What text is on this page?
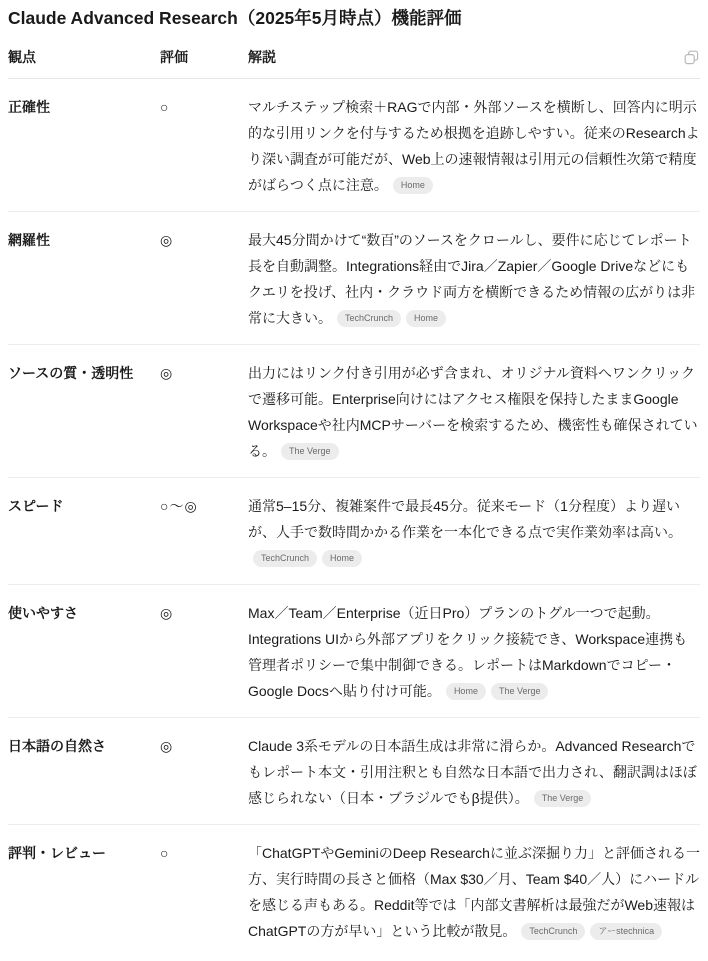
Claude Advanced Research（2025年5月時点）機能評価
観点	評価	解説
正確性	○	マルチステップ検索＋RAGで内部・外部ソースを横断し、回答内に明示的な引用リンクを付与するため根拠を追跡しやすい。従来のResearchより深い調査が可能だが、Web上の速報情報は引用元の信頼性次第で精度がばらつく点に注意。 Home
網羅性	◎	最大45分間かけて“数百”のソースをクロールし、要件に応じてレポート長を自動調整。Integrations経由でJira／Zapier／Google Driveなどにもクエリを投げ、社内・クラウド両方を横断できるため情報の広がりは非常に大きい。 TechCrunch Home
ソースの質・透明性	◎	出力にはリンク付き引用が必ず含まれ、オリジナル資料へワンクリックで遷移可能。Enterprise向けにはアクセス権限を保持したままGoogle Workspaceや社内MCPサーバーを検索するため、機密性も確保されている。 The Verge
スピード	○〜◎	通常5–15分、複雑案件で最長45分。従来モード（1分程度）より遅いが、人手で数時間かかる作業を一本化できる点で実作業効率は高い。TechCrunch Home
使いやすさ	◎	Max／Team／Enterprise（近日Pro）プランのトグル一つで起動。Integrations UIから外部アプリをクリック接続でき、Workspace連携も管理者ポリシーで集中制御できる。レポートはMarkdownでコピー・Google Docsへ貼り付け可能。 Home The Verge
日本語の自然さ	◎	Claude 3系モデルの日本語生成は非常に滑らか。Advanced Researchでもレポート本文・引用注釈とも自然な日本語で出力され、翻訳調はほぼ感じられない（日本・ブラジルでもβ提供）。 The Verge
評判・レビュー	○	「ChatGPTやGeminiのDeep Researchに並ぶ深掘り力」と評価される一方、実行時間の長さと価格（Max $30／月、Team $40／人）にハードルを感じる声もある。Reddit等では「内部文書解析は最強だがWeb速報はChatGPTの方が早い」という比較が散見。 TechCrunch アーstechnica
